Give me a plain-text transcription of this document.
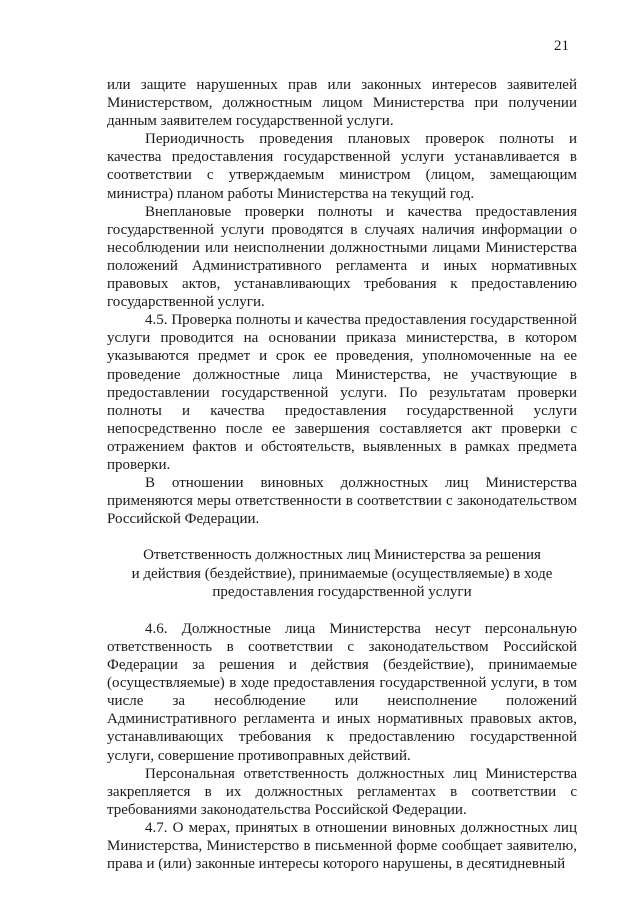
21

или защите нарушенных прав или законных интересов заявителей Министерством, должностным лицом Министерства при получении данным заявителем государственной услуги.

Периодичность проведения плановых проверок полноты и качества предоставления государственной услуги устанавливается в соответствии с утверждаемым министром (лицом, замещающим министра) планом работы Министерства на текущий год.

Внеплановые проверки полноты и качества предоставления государственной услуги проводятся в случаях наличия информации о несоблюдении или неисполнении должностными лицами Министерства положений Административного регламента и иных нормативных правовых актов, устанавливающих требования к предоставлению государственной услуги.

4.5. Проверка полноты и качества предоставления государственной услуги проводится на основании приказа министерства, в котором указываются предмет и срок ее проведения, уполномоченные на ее проведение должностные лица Министерства, не участвующие в предоставлении государственной услуги. По результатам проверки полноты и качества предоставления государственной услуги непосредственно после ее завершения составляется акт проверки с отражением фактов и обстоятельств, выявленных в рамках предмета проверки.

В отношении виновных должностных лиц Министерства применяются меры ответственности в соответствии с законодательством Российской Федерации.

Ответственность должностных лиц Министерства за решения
и действия (бездействие), принимаемые (осуществляемые) в ходе
предоставления государственной услуги

4.6. Должностные лица Министерства несут персональную ответственность в соответствии с законодательством Российской Федерации за решения и действия (бездействие), принимаемые (осуществляемые) в ходе предоставления государственной услуги, в том числе за несоблюдение или неисполнение положений Административного регламента и иных нормативных правовых актов, устанавливающих требования к предоставлению государственной услуги, совершение противоправных действий.

Персональная ответственность должностных лиц Министерства закрепляется в их должностных регламентах в соответствии с требованиями законодательства Российской Федерации.

4.7. О мерах, принятых в отношении виновных должностных лиц Министерства, Министерство в письменной форме сообщает заявителю, права и (или) законные интересы которого нарушены, в десятидневный
